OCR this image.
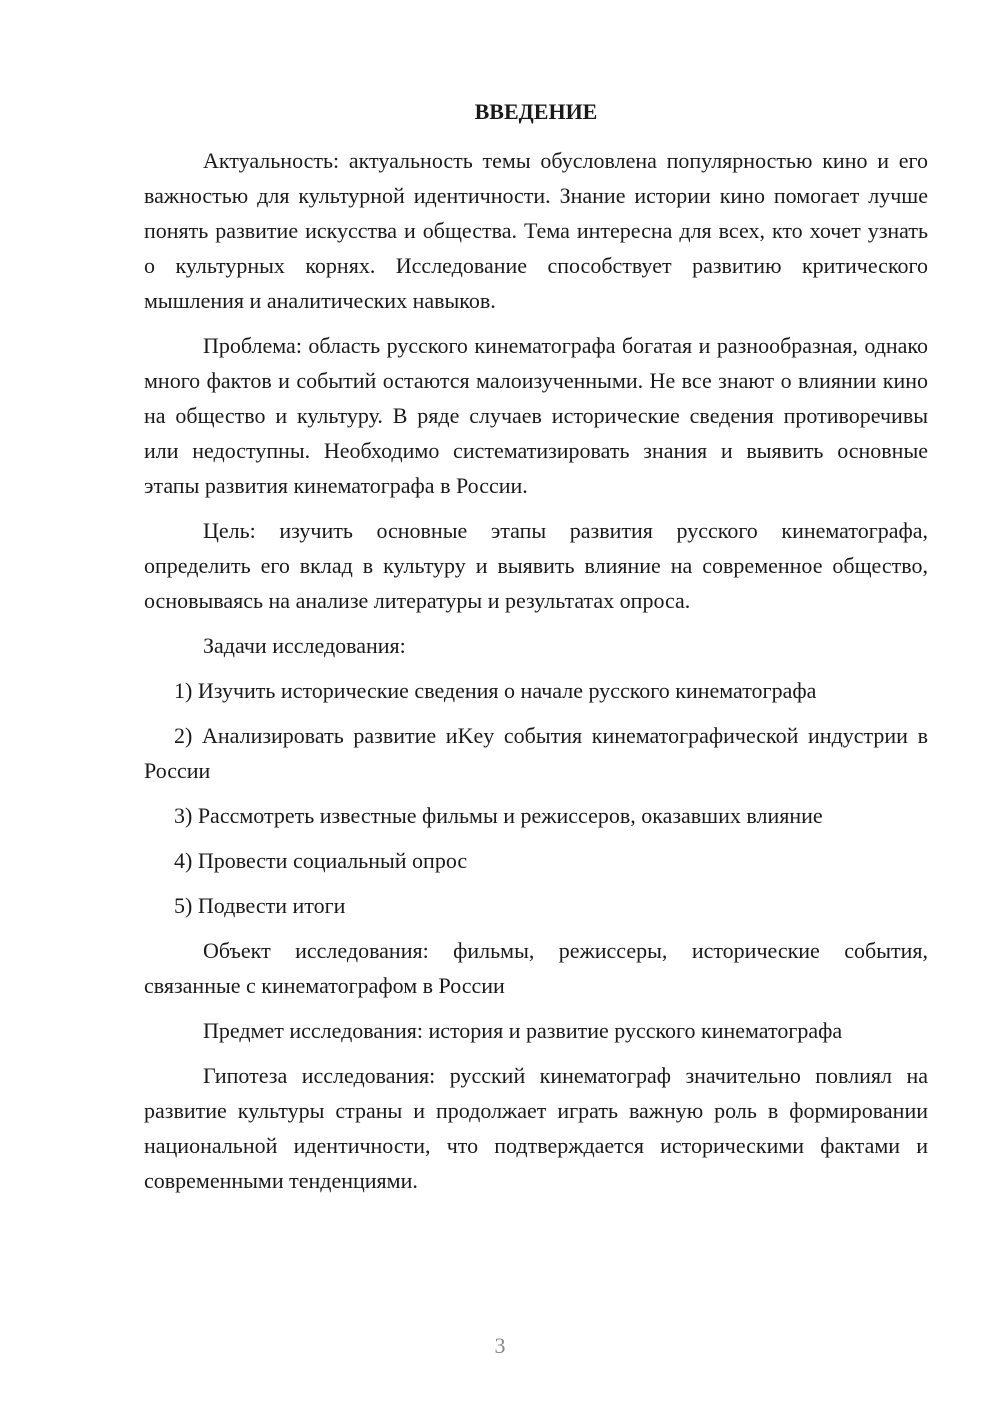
ВВЕДЕНИЕ

Актуальность: актуальность темы обусловлена популярностью кино и его важностью для культурной идентичности. Знание истории кино помогает лучше понять развитие искусства и общества. Тема интересна для всех, кто хочет узнать о культурных корнях. Исследование способствует развитию критического мышления и аналитических навыков.

Проблема: область русского кинематографа богатая и разнообразная, однако много фактов и событий остаются малоизученными. Не все знают о влиянии кино на общество и культуру. В ряде случаев исторические сведения противоречивы или недоступны. Необходимо систематизировать знания и выявить основные этапы развития кинематографа в России.

Цель: изучить основные этапы развития русского кинематографа, определить его вклад в культуру и выявить влияние на современное общество, основываясь на анализе литературы и результатах опроса.

Задачи исследования:

1) Изучить исторические сведения о начале русского кинематографа

2) Анализировать развитие иKey события кинематографической индустрии в России

3) Рассмотреть известные фильмы и режиссеров, оказавших влияние

4) Провести социальный опрос

5) Подвести итоги

Объект исследования: фильмы, режиссеры, исторические события, связанные с кинематографом в России

Предмет исследования: история и развитие русского кинематографа

Гипотеза исследования: русский кинематограф значительно повлиял на развитие культуры страны и продолжает играть важную роль в формировании национальной идентичности, что подтверждается историческими фактами и современными тенденциями.

3
